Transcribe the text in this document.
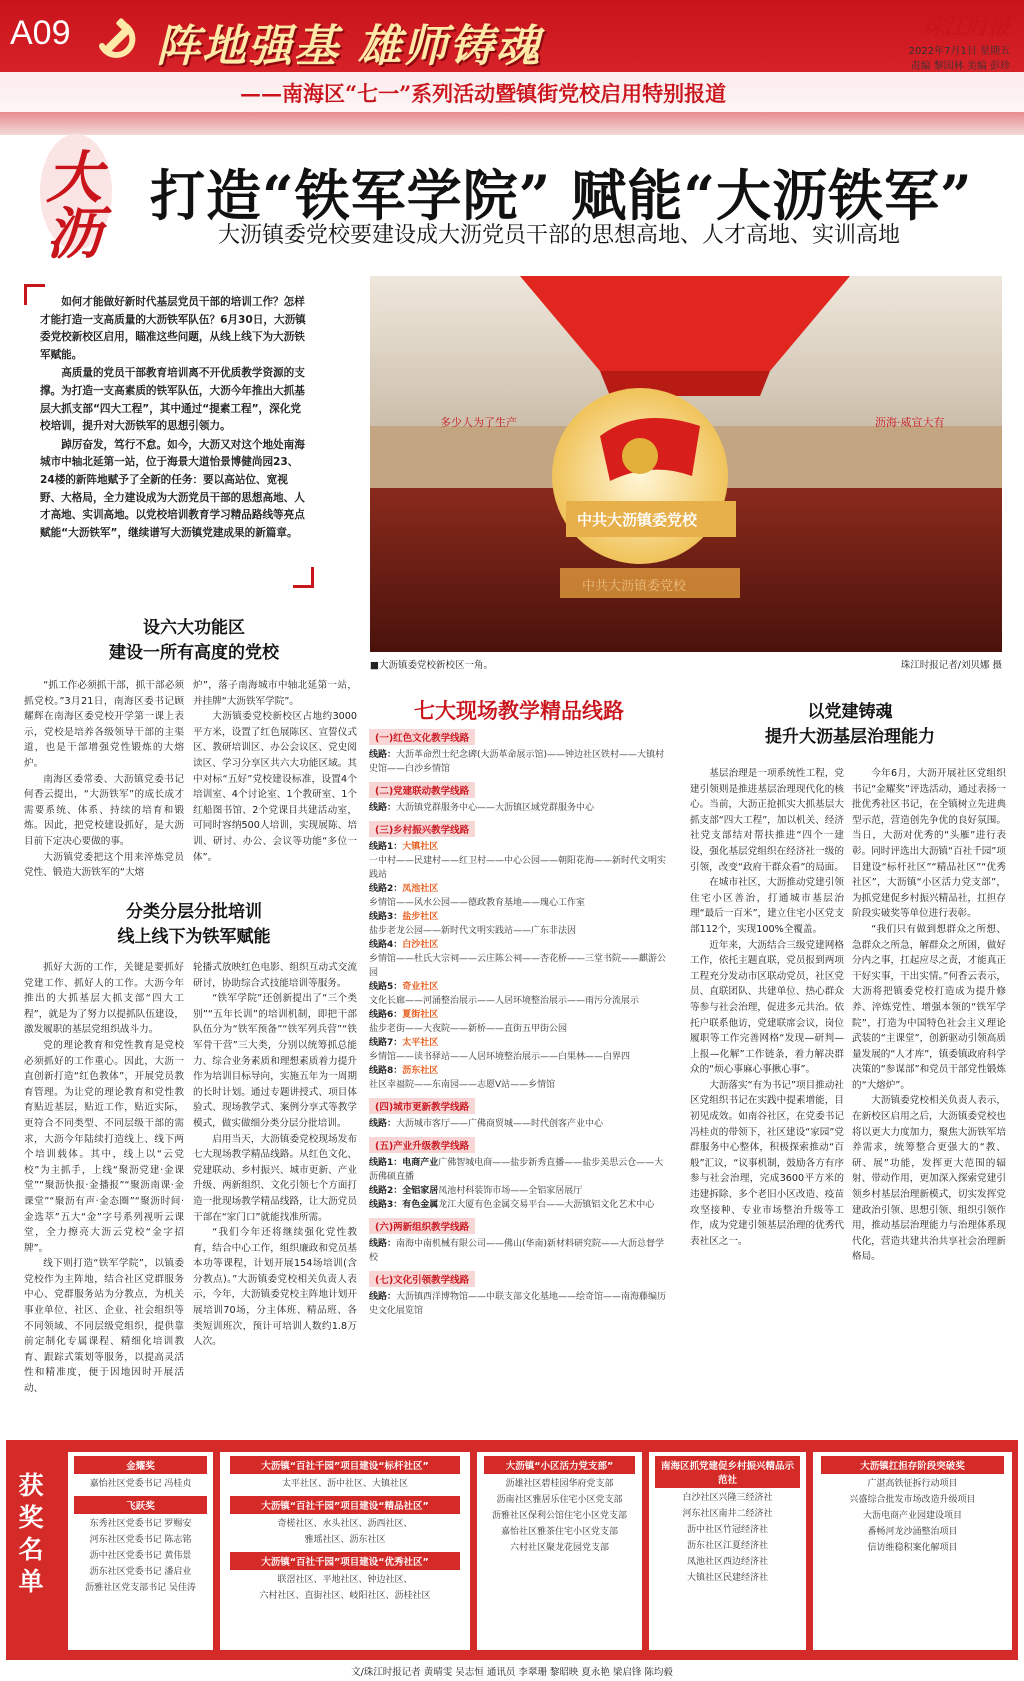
A09 阵地强基 雄师铸魂
——南海区“七一”系列活动暨镇街党校启用特别报道
珠江时报
2022年7月1日 星期五
责编 黎国林 美编 彭珍
大
沥
打造“铁军学院” 赋能“大沥铁军”
大沥镇委党校要建设成大沥党员干部的思想高地、人才高地、实训高地

如何才能做好新时代基层党员干部的培训工作？怎样才能打造一支高质量的大沥铁军队伍？6月30日，大沥镇委党校新校区启用，瞄准这些问题，从线上线下为大沥铁军赋能。

高质量的党员干部教育培训离不开优质教学资源的支撑。为打造一支高素质的铁军队伍，大沥今年推出大抓基层大抓支部“四大工程”，其中通过“提素工程”，深化党校培训，提升对大沥铁军的思想引领力。

踔厉奋发，笃行不怠。如今，大沥又对这个地处南海城市中轴北延第一站，位于海景大道怡景博健尚园23、24楼的新阵地赋予了全新的任务：要以高站位、宽视野、大格局，全力建设成为大沥党员干部的思想高地、人才高地、实训高地。以党校培训教育学习精品路线等亮点赋能“大沥铁军”，继续谱写大沥镇党建成果的新篇章。

多少人为了生产	沥海·威宣大有
中共大沥镇委党校
中共大沥镇委党校
■大沥镇委党校新校区一角。	珠江时报记者/刘贝娜 摄
设六大功能区
建设一所有高度的党校

“抓工作必须抓干部，抓干部必须抓党校。”3月21日，南海区委书记顾耀辉在南海区委党校开学第一课上表示，党校是培养各级领导干部的主渠道，也是干部增强党性锻炼的大熔炉。

南海区委常委、大沥镇党委书记何香云提出，“大沥铁军”的成长成才需要系统、体系、持续的培育和锻炼。因此，把党校建设抓好，是大沥目前下定决心要做的事。

大沥镇党委把这个用来淬炼党员党性、锻造大沥铁军的“大熔

炉”，落子南海城市中轴北延第一站，并挂牌“大沥铁军学院”。

大沥镇委党校新校区占地约3000平方米，设置了红色展陈区、宣誓仪式区、教研培训区、办公会议区、党史阅读区、学习分享区共六大功能区域。其中对标“五好”党校建设标准，设置4个培训室、4个讨论室、1个教研室、1个红船图书馆、2个党课目共建活动室，可同时容纳500人培训，实现展陈、培训、研讨、办公、会议等功能“多位一体”。

分类分层分批培训
线上线下为铁军赋能

抓好大沥的工作，关键是要抓好党建工作、抓好人的工作。大沥今年推出的大抓基层大抓支部“四大工程”，就是为了努力以提抓队伍建设，激发履职的基层党组织战斗力。

党的理论教育和党性教育是党校必须抓好的工作重心。因此，大沥一直创新打造“红色教体”，开展党员教育管理。为让党的理论教育和党性教育贴近基层，贴近工作，贴近实际，更符合不同类型、不同层级干部的需求，大沥今年陆续打造线上、线下两个培训载体。其中，线上以“云党校”为主抓手，上线“聚沥党建·金课堂”“聚沥快报·金播报”“聚沥南课·金课堂”“聚沥有声·金态圈”“聚沥时间·金选萃”五大“金”字号系列视听云课堂，全力擦亮大沥云党校“金字招牌”。

线下则打造“铁军学院”，以镇委党校作为主阵地，结合社区党群服务中心、党群服务站为分教点，为机关事业单位、社区、企业、社会组织等不同领域、不同层级党组织，提供靠前定制化专属课程、精细化培训教育、跟踪式策划等服务，以提高灵活性和精准度，便于因地因时开展活动、

轮播式放映红色电影、组织互动式交流研讨，协助综合式技能培训等服务。

“铁军学院”还创新提出了“三个类别”“五年长训”的培训机制，即把干部队伍分为“铁军预备”“铁军列兵营”“铁军骨干营”三大类，分别以统筹抓总能力、综合业务素质和理想素质着力提升作为培训目标导向，实施五年为一周期的长时计划。通过专题讲授式、项目体验式、现场教学式、案例分享式等教学模式，做实做细分类分层分批培训。

启用当天，大沥镇委党校现场发布七大现场教学精品线路。从红色文化、党建联动、乡村振兴、城市更新、产业升级、两新组织、文化引领七个方面打造一批现场教学精品线路，让大沥党员干部在“家门口”就能找准所需。

“我们今年还将继续强化党性教育，结合中心工作，组织廉政和党员基本功等课程，计划开展154场培训(含分教点)。”大沥镇委党校相关负责人表示，今年，大沥镇委党校主阵地计划开展培训70场，分主体班、精品班、各类短训班次，预计可培训人数约1.8万人次。

七大现场教学精品线路
(一)红色文化教学线路
线路：大沥革命烈士纪念碑(大沥革命展示馆)——钟边社区铁村——大镇村史馆——白沙乡情馆
(二)党建联动教学线路
线路：大沥镇党群服务中心——大沥镇区域党群服务中心
(三)乡村振兴教学线路
线路1：大镇社区
一中村——民建村——红卫村——中心公园——朝阳花海——新时代文明实践站
线路2：凤池社区
乡情馆——风水公园——德政教育基地——瑰心工作室
线路3：盐步社区
盐步老龙公园——新时代文明实践站——广东非法因
线路4：白沙社区
乡情馆——杜氏大宗祠——云庄陈公祠——杏花桥——三堂书院——麒游公园
线路5：奇业社区
文化长廊——河涌整治展示——人居环境整治展示——雨污分流展示
线路6：夏街社区
盐步老街——大夜院——新桥——直街五甲街公园
线路7：太平社区
乡情馆——读书驿站——人居环境整治展示——白果林——白界四
线路8：沥东社区
社区幸福院——东南园——志愿V站——乡情馆
(四)城市更新教学线路
线路：大沥城市客厅——广佛商贸城——时代创客产业中心
(五)产业升级教学线路
线路1：电商产业广佛智城电商——盐步新秀直播——盐步美思云仓——大沥佛硕直播
线路2：全铝家居凤池村科装饰市场——全铝家居展厅
线路3：有色金属龙江大厦有色金属交易平台——大沥镇铝文化艺术中心
(六)两新组织教学线路
线路：南海中南机械有限公司——佛山(华南)新材料研究院——大沥总督学校
(七)文化引领教学线路
线路：大沥镇西洋博物馆——中联支部文化基地——绘奇馆——南海藤编历史文化展览馆
以党建铸魂
提升大沥基层治理能力

基层治理是一项系统性工程，党建引领则是推进基层治理现代化的核心。当前，大沥正抢抓实大抓基层大抓支部“四大工程”，加以机关、经济社党支部结对帮扶推进“四个一建设，强化基层党组织在经济社一级的引领，改变“政府干群众看”的局面。

在城市社区，大沥推动党建引领住宅小区善治，打通城市基层治理“最后一百米”，建立住宅小区党支部112个，实现100%全覆盖。

近年来，大沥结合三级党建网格工作，依托主题直联，党员报到两项工程充分发动市区联动党员，社区党员、直联团队、共建单位、热心群众等参与社会治理，促进多元共治。依托户联系他访，党建联席会议，岗位履职等工作完善网格“发现—研判—上报—化解”工作链条，着力解决群众的“烦心事麻心事揪心事”。

大沥落实“有为书记”项目推动社区党组织书记在实践中提素增能，目初见成效。如南谷社区，在党委书记冯桂贞的带领下，社区建设“家园”党群服务中心整体，积极探索推动“百般”汇议，“议事机制，鼓励各方有序参与社会治理，完成3600平方米的违建拆除、多个老旧小区改造、疫苗攻坚接种、专业市场整治升级等工作，成为党建引领基层治理的优秀代表社区之一。

今年6月，大沥开展社区党组织书记“金耀奖”评选活动，通过表扬一批优秀社区书记，在全镇树立先进典型示范，营造创先争优的良好氛围。当日，大沥对优秀的“头雁”进行表彰。同时评选出大沥镇“百社千园”项目建设“标杆社区”“精品社区”“优秀社区”，大沥镇“小区活力党支部”，为抓党建促乡村振兴精品社，扛担存阶段实破奖等单位进行表彰。

“我们只有做到想群众之所想、急群众之所急，解群众之所困，做好分内之事，扛起应尽之责，才能真正干好实事，干出实情。”何香云表示，大沥将把镇委党校打造成为提升修养、淬炼党性、增强本领的“铁军学院”，打造为中国特色社会主义理论武装的“主课堂”，创新驱动引领高质量发展的“人才库”，镇委镇政府科学决策的“参谋部”和党员干部党性锻炼的“大熔炉”。

大沥镇委党校相关负责人表示，在新校区启用之后，大沥镇委党校也将以更大力度加力，聚焦大沥铁军培养需求，统筹整合更强大的“教、研、展”功能，发挥更大范围的辐射、带动作用，更加深入探索党建引领乡村基层治理新模式，切实发挥党建政治引领、思想引领、组织引领作用，推动基层治理能力与治理体系现代化，营造共建共治共享社会治理新格局。

获奖名单
金耀奖
嘉怡社区党委书记 冯桂贞
飞跃奖
东秀社区党委书记 罗赐安
河东社区党委书记 陈志铭
沥中社区党委书记 黄伟景
沥东社区党委书记 潘启业
沥雅社区党支部书记 吴佳涛
大沥镇“百社千园”项目建设“标杆社区”
太平社区、沥中社区、大镇社区
大沥镇“百社千园”项目建设“精品社区”
奇槎社区、水头社区、沥西社区、
雅瑶社区、沥东社区
大沥镇“百社千园”项目建设“优秀社区”
联滘社区、平地社区、钟边社区、
六村社区、直街社区、岐阳社区、沥桂社区
大沥镇“小区活力党支部”
沥雄社区碧桂园华府党支部
沥南社区雅居乐住宅小区党支部
沥雅社区保利公馆住宅小区党支部
嘉怡社区雅茶住宅小区党支部
六村社区聚龙花园党支部
南海区抓党建促乡村振兴精品示范社
白沙社区兴隆三经济社
河东社区南井二经济社
沥中社区竹冠经济社
沥东社区江夏经济社
凤池社区西边经济社
大镇社区民建经济社
大沥镇扛担存阶段突破奖
广湛高铁征拆行动项目
兴盛综合批发市场改造升级项目
大沥电商产业园建设项目
番畅河龙沙涌整治项目
信访维稳积案化解项目
文/珠江时报记者 黄晴雯 吴志恒 通讯员 李翠珊 黎昭映 夏永艳 梁启锋 陈均毅
